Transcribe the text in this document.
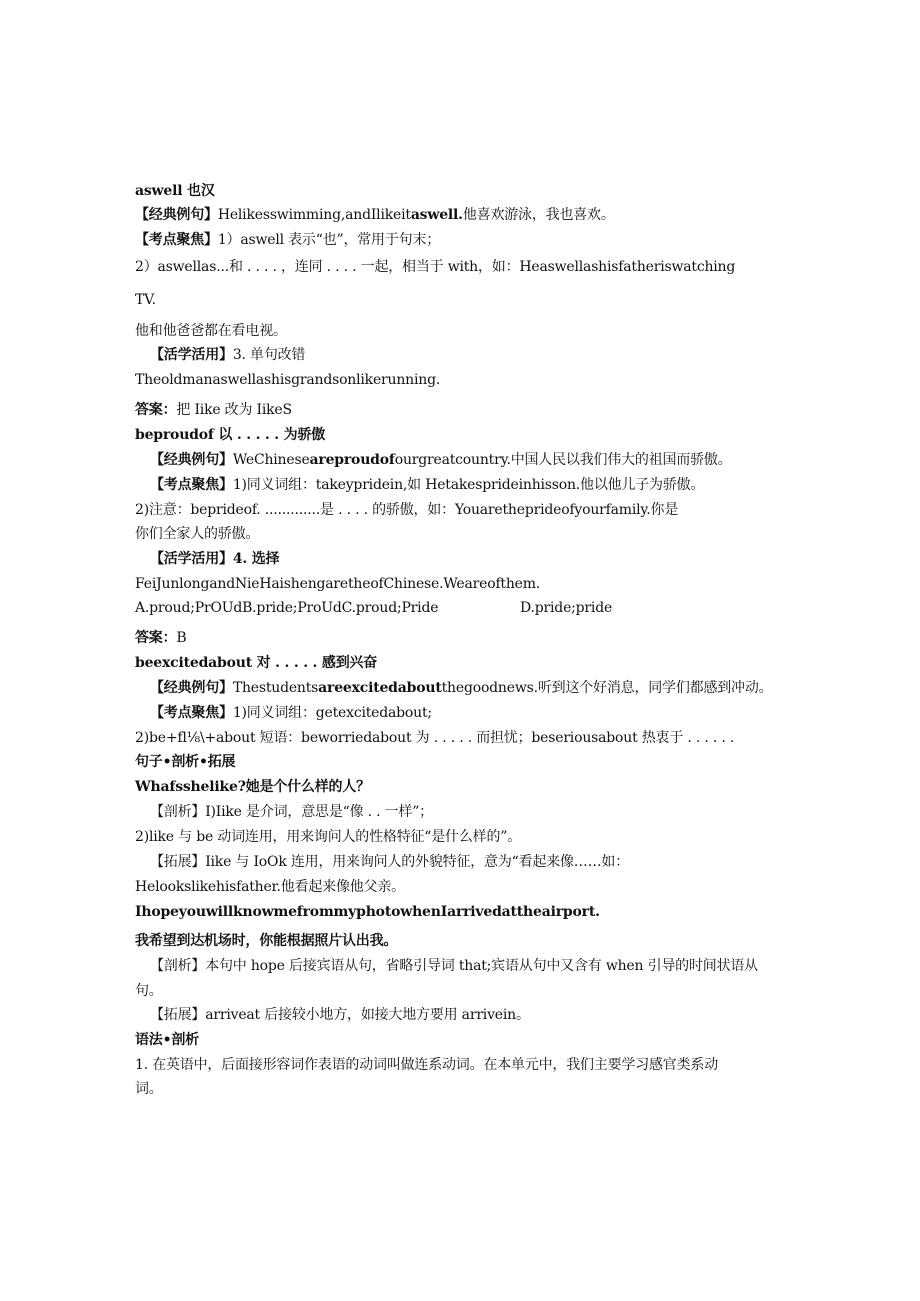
aswell 也汉
【经典例句】Helikesswimming,andIlikeitaswell.他喜欢游泳，我也喜欢。
【考点聚焦】1）aswell 表示“也”，常用于句末；
2）aswellas...和 . . . . ，连同 . . . . 一起，相当于 with，如：Heaswellashisfatheriswatching
TV.
他和他爸爸都在看电视。
【活学活用】3. 单句改错
Theoldmanaswellashisgrandsonlikerunning.
答案：把 Iike 改为 IikeS
beproudof 以 . . . . . 为骄傲
【经典例句】WeChineseareproudofourgreatcountry.中国人民以我们伟大的祖国而骄傲。
【考点聚焦】1)同义词组：takeypridein,如 Hetakesprideinhisson.他以他儿子为骄傲。
2)注意：beprideof. .............是 . . . . 的骄傲，如：Youaretheprideofyourfamily.你是
你们全家人的骄傲。
【活学活用】4. 选择
FeiJunlongandNieHaishengaretheofChinese.Weareofthem.
A.proud;PrOUdB.pride;ProUdC.proud;Pride	D.pride;pride
答案：B
beexcitedabout 对 . . . . . 感到兴奋
【经典例句】Thestudentsareexcitedaboutthegoodnews.听到这个好消息，同学们都感到冲动。
【考点聚焦】1)同义词组：getexcitedabout;
2)be+fl⅛\+about 短语：beworriedabout 为 . . . . . 而担忧；beseriousabout 热衷于 . . . . . .
句子•剖析•拓展
Whafsshelike?她是个什么样的人？
【剖析】I)Iike 是介词，意思是“像 . . 一样”；
2)like 与 be 动词连用，用来询问人的性格特征“是什么样的”。
【拓展】Iike 与 IoOk 连用，用来询问人的外貌特征，意为“看起来像……如：
Helookslikehisfather.他看起来像他父亲。
IhopeyouwillknowmefrommyphotowhenIarrivedattheairport.
我希望到达机场时，你能根据照片认出我。
【剖析】本句中 hope 后接宾语从句，省略引导词 that;宾语从句中又含有 when 引导的时间状语从
句。
【拓展】arriveat 后接较小地方，如接大地方要用 arrivein。
语法•剖析
1. 在英语中，后面接形容词作表语的动词叫做连系动词。在本单元中，我们主要学习感官类系动
词。
